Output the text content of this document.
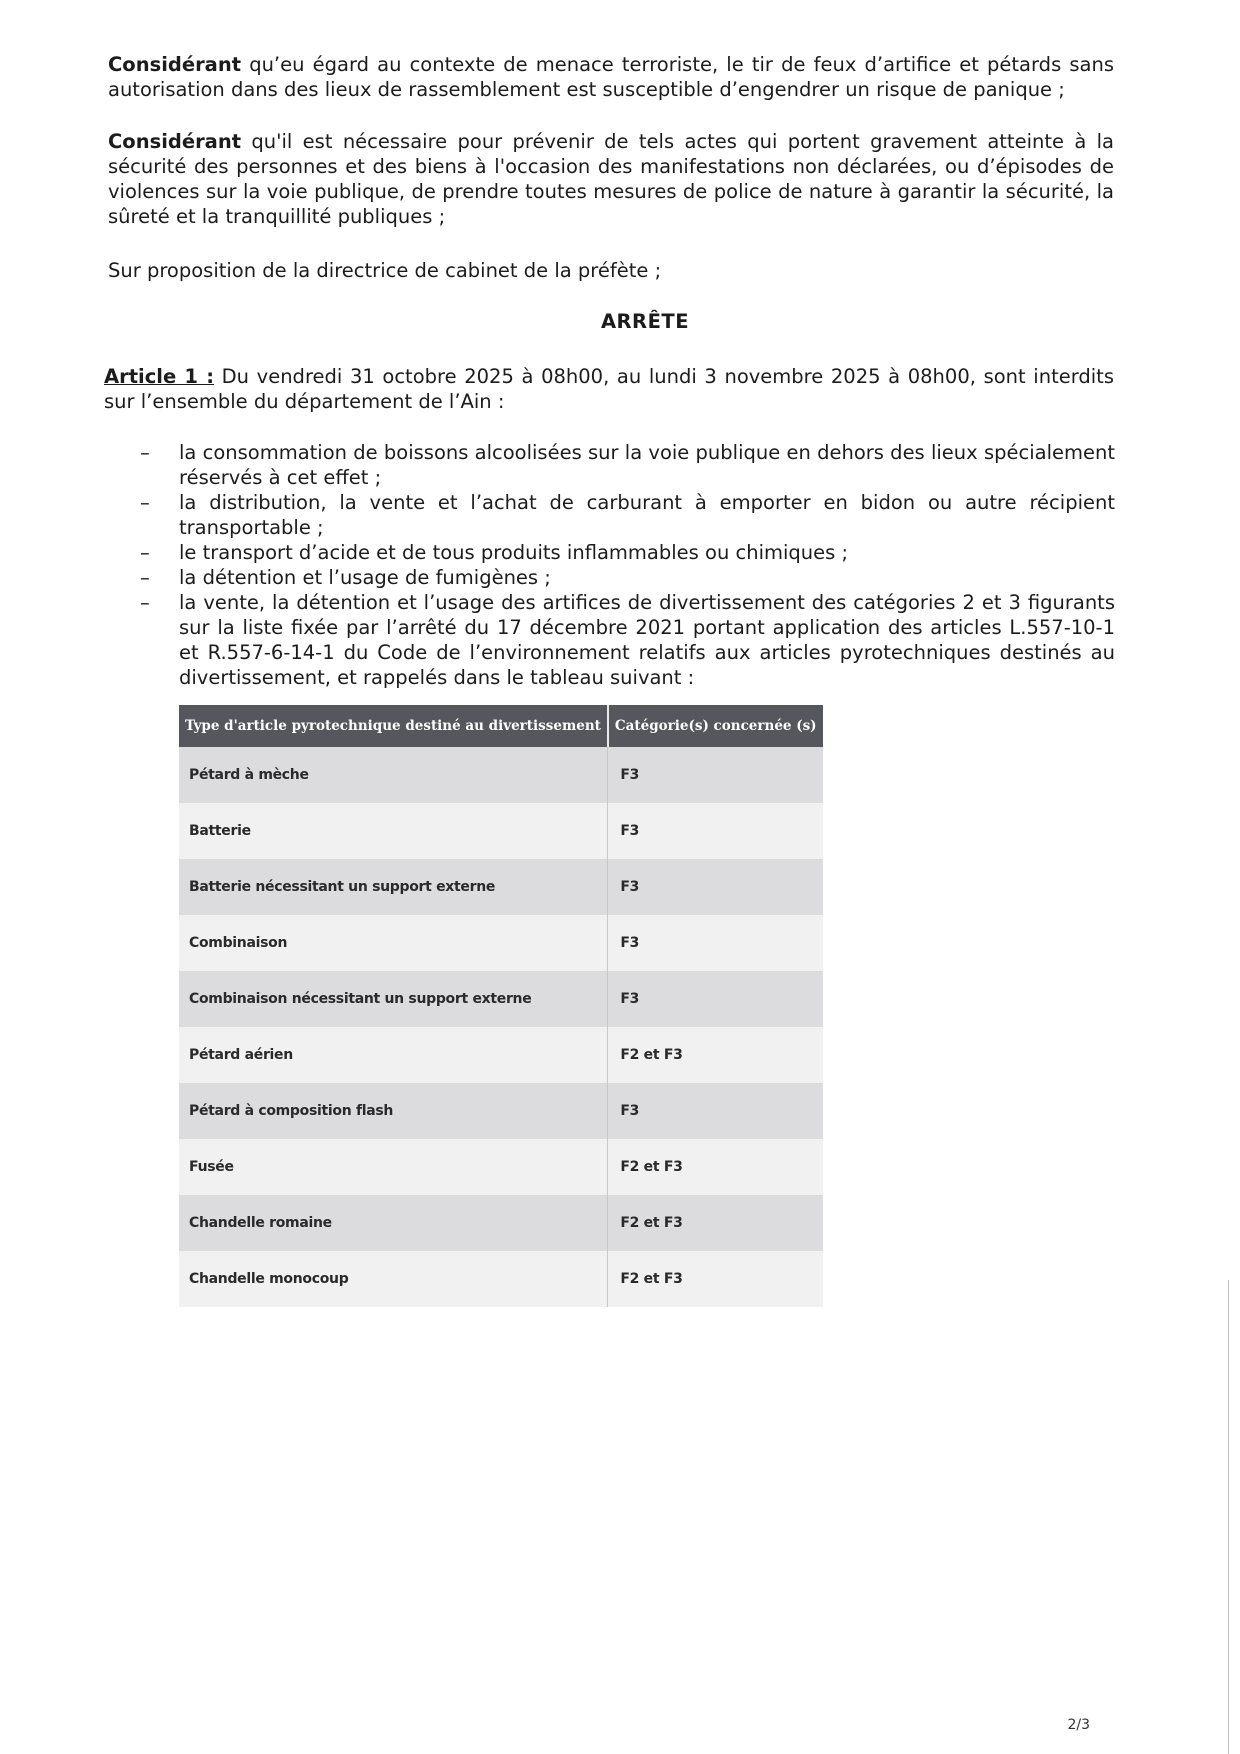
Considérant qu’eu égard au contexte de menace terroriste, le tir de feux d’artifice et pétards sans autorisation dans des lieux de rassemblement est susceptible d’engendrer un risque de panique ;

Considérant qu'il est nécessaire pour prévenir de tels actes qui portent gravement atteinte à la sécurité des personnes et des biens à l'occasion des manifestations non déclarées, ou d’épisodes de violences sur la voie publique, de prendre toutes mesures de police de nature à garantir la sécurité, la sûreté et la tranquillité publiques ;

Sur proposition de la directrice de cabinet de la préfète ;

ARRÊTE

Article 1 : Du vendredi 31 octobre 2025 à 08h00, au lundi 3 novembre 2025 à 08h00, sont interdits sur l’ensemble du département de l’Ain :

– la consommation de boissons alcoolisées sur la voie publique en dehors des lieux spécialement réservés à cet effet ;
– la distribution, la vente et l’achat de carburant à emporter en bidon ou autre récipient transportable ;
– le transport d’acide et de tous produits inflammables ou chimiques ;
– la détention et l’usage de fumigènes ;
– la vente, la détention et l’usage des artifices de divertissement des catégories 2 et 3 figurants sur la liste fixée par l’arrêté du 17 décembre 2021 portant application des articles L.557-10-1 et R.557-6-14-1 du Code de l’environnement relatifs aux articles pyrotechniques destinés au divertissement, et rappelés dans le tableau suivant :
Type d'article pyrotechnique destiné au divertissement	Catégorie(s) concernée (s)
Pétard à mèche	F3
Batterie	F3
Batterie nécessitant un support externe	F3
Combinaison	F3
Combinaison nécessitant un support externe	F3
Pétard aérien	F2 et F3
Pétard à composition flash	F3
Fusée	F2 et F3
Chandelle romaine	F2 et F3
Chandelle monocoup	F2 et F3
2/3
